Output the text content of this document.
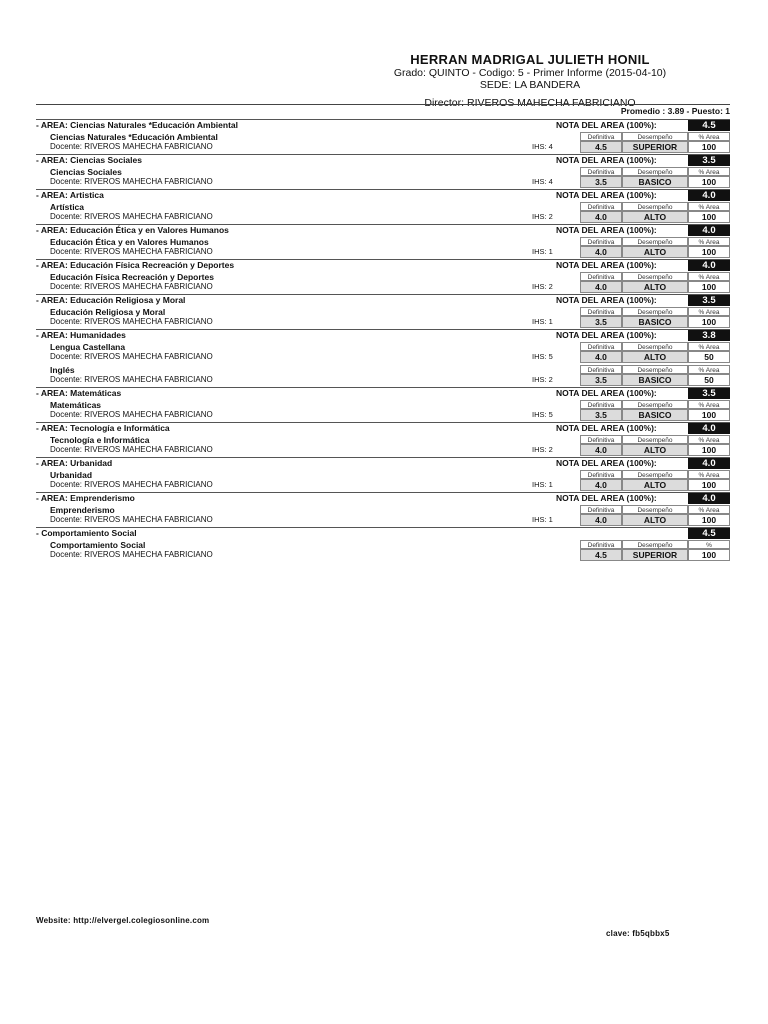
HERRAN MADRIGAL JULIETH HONIL
Grado: QUINTO - Codigo: 5 - Primer Informe (2015-04-10)
SEDE: LA BANDERA
Director: RIVEROS MAHECHA FABRICIANO
Promedio : 3.89 - Puesto: 1
- AREA: Ciencias Naturales *Educación Ambiental	NOTA DEL AREA (100%):	4.5
Ciencias Naturales *Educación Ambiental
Docente: RIVEROS MAHECHA FABRICIANO	IHS: 4
Definitiva	Desempeño	% Area
4.5	SUPERIOR	100
- AREA: Ciencias Sociales	NOTA DEL AREA (100%):	3.5
Ciencias Sociales
Docente: RIVEROS MAHECHA FABRICIANO	IHS: 4
Definitiva	Desempeño	% Area
3.5	BASICO	100
- AREA: Artistica	NOTA DEL AREA (100%):	4.0
Artística
Docente: RIVEROS MAHECHA FABRICIANO	IHS: 2
Definitiva	Desempeño	% Area
4.0	ALTO	100
- AREA: Educación Ética y en Valores Humanos	NOTA DEL AREA (100%):	4.0
Educación Ética y en Valores Humanos
Docente: RIVEROS MAHECHA FABRICIANO	IHS: 1
Definitiva	Desempeño	% Area
4.0	ALTO	100
- AREA: Educación Física Recreación y Deportes	NOTA DEL AREA (100%):	4.0
Educación Física Recreación y Deportes
Docente: RIVEROS MAHECHA FABRICIANO	IHS: 2
Definitiva	Desempeño	% Area
4.0	ALTO	100
- AREA: Educación Religiosa y Moral	NOTA DEL AREA (100%):	3.5
Educación Religiosa y Moral
Docente: RIVEROS MAHECHA FABRICIANO	IHS: 1
Definitiva	Desempeño	% Area
3.5	BASICO	100
- AREA: Humanidades	NOTA DEL AREA (100%):	3.8
Lengua Castellana
Docente: RIVEROS MAHECHA FABRICIANO	IHS: 5
Definitiva	Desempeño	% Area
4.0	ALTO	50
Inglés
Docente: RIVEROS MAHECHA FABRICIANO	IHS: 2
Definitiva	Desempeño	% Area
3.5	BASICO	50
- AREA: Matemáticas	NOTA DEL AREA (100%):	3.5
Matemáticas
Docente: RIVEROS MAHECHA FABRICIANO	IHS: 5
Definitiva	Desempeño	% Area
3.5	BASICO	100
- AREA: Tecnología e Informática	NOTA DEL AREA (100%):	4.0
Tecnología e Informática
Docente: RIVEROS MAHECHA FABRICIANO	IHS: 2
Definitiva	Desempeño	% Area
4.0	ALTO	100
- AREA: Urbanidad	NOTA DEL AREA (100%):	4.0
Urbanidad
Docente: RIVEROS MAHECHA FABRICIANO	IHS: 1
Definitiva	Desempeño	% Area
4.0	ALTO	100
- AREA: Emprenderismo	NOTA DEL AREA (100%):	4.0
Emprenderismo
Docente: RIVEROS MAHECHA FABRICIANO	IHS: 1
Definitiva	Desempeño	% Area
4.0	ALTO	100
- Comportamiento Social	4.5
Comportamiento Social
Docente: RIVEROS MAHECHA FABRICIANO
Definitiva	Desempeño	%
4.5	SUPERIOR	100
Website: http://elvergel.colegiosonline.com
clave: fb5qbbx5
